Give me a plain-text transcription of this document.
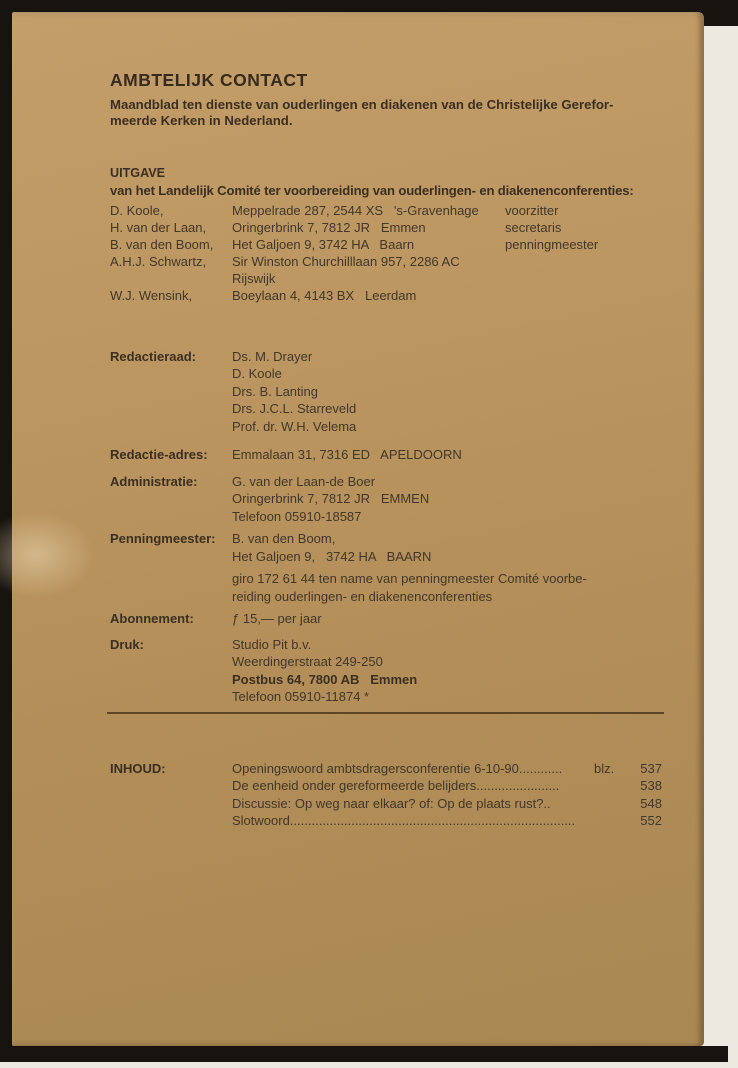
AMBTELIJK CONTACT

Maandblad ten dienste van ouderlingen en diakenen van de Christelijke Gerefor-
meerde Kerken in Nederland.

UITGAVE
van het Landelijk Comité ter voorbereiding van ouderlingen- en diakenenconferenties:
D. Koole,	Meppelrade 287, 2544 XS   's-Gravenhage	voorzitter
H. van der Laan,	Oringerbrink 7, 7812 JR   Emmen	secretaris
B. van den Boom,	Het Galjoen 9, 3742 HA   Baarn	penningmeester
A.H.J. Schwartz,	Sir Winston Churchilllaan 957, 2286 AC   Rijswijk
W.J. Wensink,	Boeylaan 4, 4143 BX   Leerdam
Redactieraad:	Ds. M. Drayer
D. Koole
Drs. B. Lanting
Drs. J.C.L. Starreveld
Prof. dr. W.H. Velema
Redactie-adres:	Emmalaan 31, 7316 ED   APELDOORN
Administratie:	G. van der Laan-de Boer
Oringerbrink 7, 7812 JR   EMMEN
Telefoon 05910-18587
Penningmeester:	B. van den Boom,
Het Galjoen 9,   3742 HA   BAARN
giro 172 61 44 ten name van penningmeester Comité voorbe-
reiding ouderlingen- en diakenenconferenties
Abonnement:	ƒ 15,— per jaar
Druk:	Studio Pit b.v.
Weerdingerstraat 249-250
Postbus 64, 7800 AB   Emmen
Telefoon 05910-11874 *
INHOUD:	Openingswoord ambtsdragersconferentie 6-10-90............	blz.	537
De eenheid onder gereformeerde belijders.......................	538
Discussie: Op weg naar elkaar? of: Op de plaats rust?..	548
Slotwoord...............................................................................	552
